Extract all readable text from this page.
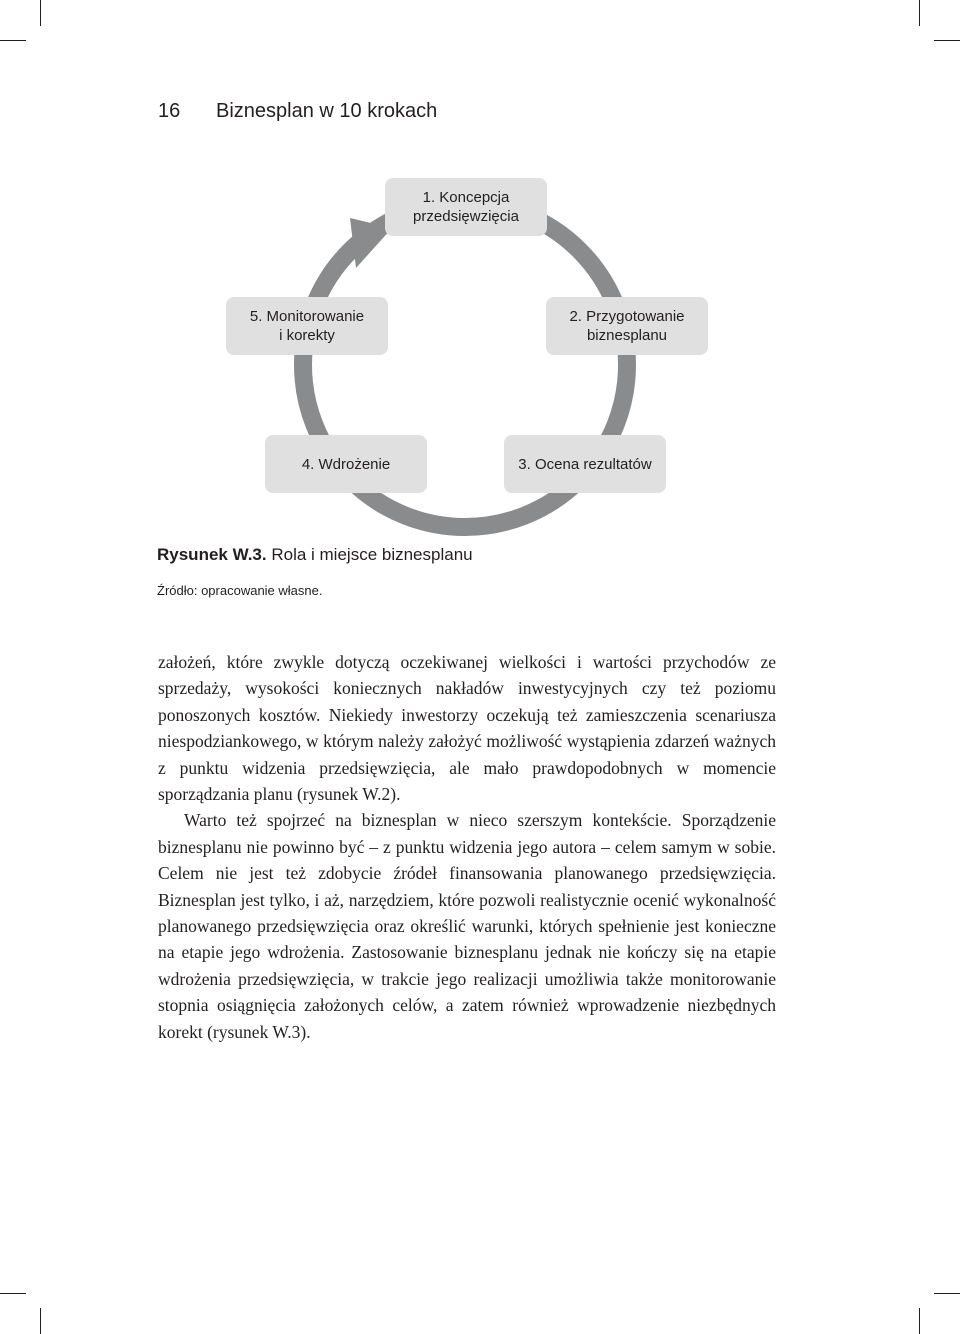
16 Biznesplan w 10 krokach
1. Koncepcja
przedsięwzięcia
2. Przygotowanie
biznesplanu
3. Ocena rezultatów
4. Wdrożenie
5. Monitorowanie
i korekty
Rysunek W.3. Rola i miejsce biznesplanu
Źródło: opracowanie własne.

założeń, które zwykle dotyczą oczekiwanej wielkości i wartości przychodów ze sprzedaży, wysokości koniecznych nakładów inwestycyjnych czy też poziomu ponoszonych kosztów. Niekiedy inwestorzy oczekują też zamieszczenia scenariusza niespodziankowego, w którym należy założyć możliwość wystąpienia zdarzeń ważnych z punktu widzenia przedsięwzięcia, ale mało prawdopodobnych w momencie sporządzania planu (rysunek W.2).

Warto też spojrzeć na biznesplan w nieco szerszym kontekście. Sporządzenie biznesplanu nie powinno być – z punktu widzenia jego autora – celem samym w sobie. Celem nie jest też zdobycie źródeł finansowania planowanego przedsięwzięcia. Biznesplan jest tylko, i aż, narzędziem, które pozwoli realistycznie ocenić wykonalność planowanego przedsięwzięcia oraz określić warunki, których spełnienie jest konieczne na etapie jego wdrożenia. Zastosowanie biznesplanu jednak nie kończy się na etapie wdrożenia przedsięwzięcia, w trakcie jego realizacji umożliwia także monitorowanie stopnia osiągnięcia założonych celów, a zatem również wprowadzenie niezbędnych korekt (rysunek W.3).
